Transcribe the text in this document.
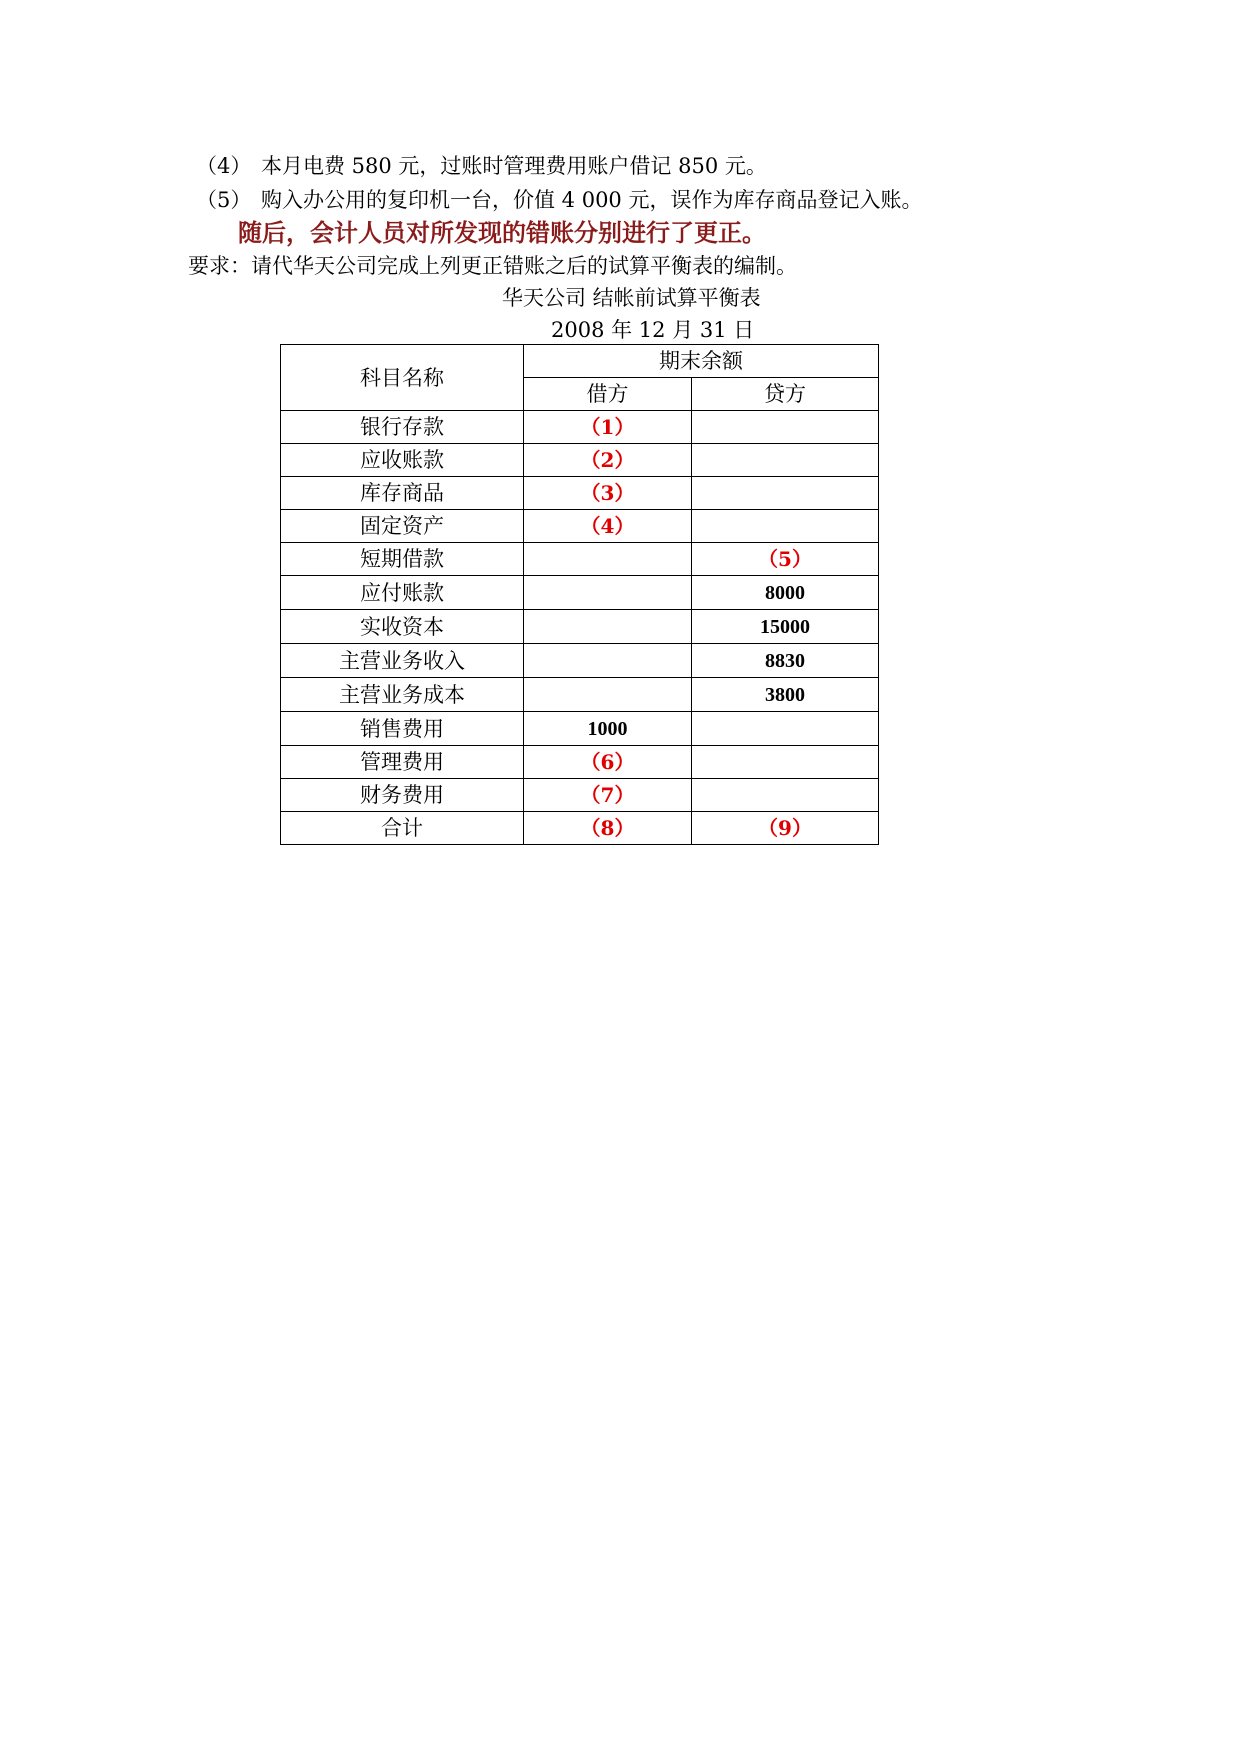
（4） 本月电费 580 元，过账时管理费用账户借记 850 元。
（5） 购入办公用的复印机一台，价值 4 000 元，误作为库存商品登记入账。
随后，会计人员对所发现的错账分别进行了更正。
要求：请代华天公司完成上列更正错账之后的试算平衡表的编制。
华天公司 结帐前试算平衡表
2008 年 12 月 31 日
科目名称	期末余额	
	借方	贷方
银行存款	（1）	
应收账款	（2）	
库存商品	（3）	
固定资产	（4）	
短期借款		（5）
应付账款		8000
实收资本		15000
主营业务收入		8830
主营业务成本		3800
销售费用	1000	
管理费用	（6）	
财务费用	（7）	
合计	（8）	（9）
